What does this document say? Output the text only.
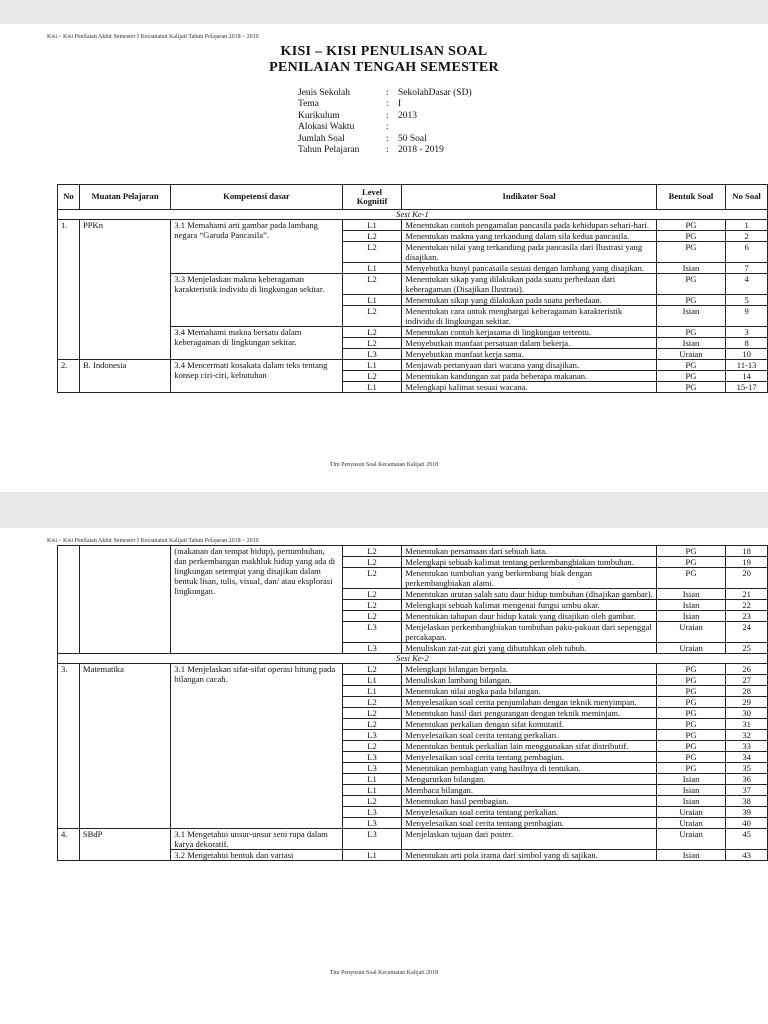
Kisi – Kisi Penilaian Akhir Semester I Kecamatan Kalijati Tahun Pelajaran 2018 – 2019
KISI – KISI PENULISAN SOAL
PENILAIAN TENGAH SEMESTER
Jenis Sekolah	: SekolahDasar (SD)
Tema	: I
Kurikulum	: 2013
Alokasi Waktu	:
Jumlah Soal	: 50 Soal
Tahun Pelajaran	: 2018 - 2019
No	Muatan Pelajaran	Kompetensi dasar	Level Kognitif	Indikator Soal	Bentuk Soal	No Soal
Sesi Ke-1						
1.	PPKn	3.1 Memahami arti gambar pada lambang negara “Garuda Pancasila”.	L1	Menentukan contoh pengamalan pancasila pada kehidupan sehari-hari.	PG	1
			L2	Menentukan makna yang terkandung dalam sila kedua pancasila.	PG	2
			L2	Menentukan nilai yang terkandung pada pancasila dari Ilustrasi yang disajikan.	PG	6
			L1	Menyebutka bunyi pancasaila sesuai dengan lambang yang disajikan.	Isian	7
		3.3 Menjelaskan makna keberagaman karakteristik individu di lingkungan sekitar.	L2	Menentukan sikap yang dilakukan pada suatu perbedaan dari keberagaman (Disajikan Ilustrasi).	PG	4
			L1	Menentukan sikap yang dilakukan pada suatu perbedaan.	PG	5
			L2	Menentukan cara untuk menghargai keberagaman karakteristik individu di lingkungan sekitar.	Isian	9
		3.4 Memahami makna bersatu dalam keberagaman di lingkungan sekitar.	L2	Menentukan contoh kerjasama di lingkungan tertentu.	PG	3
			L2	Menyebutkan manfaat persatuan dalam bekerja.	Isian	8
			L3	Menyebutkan manfaat kerja sama.	Uraian	10
2.	B. Indonesia	3.4 Mencermati kosakata dalam teks tentang konsep ciri-ciri, kebutuhan	L1	Menjawab pertanyaan dari wacana yang disajikan.	PG	11-13
			L2	Menentukan kandungan zat pada beberapa makanan.	PG	14
			L1	Melengkapi kalimat sesuai wacana.	PG	15-17
Tim Penyusun Soal Kecamatan Kalijati 2018
Kisi – Kisi Penilaian Akhir Semester I Kecamatan Kalijati Tahun Pelajaran 2018 – 2019
		(makanan dan tempat hidup), pertumbuhan, dan perkembangan makhluk hidup yang ada di lingkungan setempat yang disajikan dalam bentuk lisan, tulis, visual, dan/ atau eksplorasi lingkungan.	L2	Menentukan persamaan dari sebuah kata.	PG	18
			L2	Melengkapi sebuah kalimat tentang perkembangbiakan tumbuhan.	PG	19
			L2	Menentukan tumbuhan yang berkembang biak dengan perkembangbiakan alami.	PG	20
			L2	Menentukan urutan salah satu daur hidup tumbuhan (disajikan gambar).	Isian	21
			L2	Melengkapi sebuah kalimat mengenai fungsi umbu akar.	Isian	22
			L2	Menentukan tahapan daur hidup katak yang disajikan oleh gambar.	Isian	23
			L3	Menjelaskan perkembangbiakan tumbuhan paku-pakuan dari sepenggal percakapan.	Uraian	24
			L3	Menuliskan zat-zat gizi yang dibutuhkan oleh tubuh.	Uraian	25
Sesi Ke-2						
3.	Matematika	3.1 Menjelaskan sifat-sifat operasi hitung pada bilangan cacah.	L2	Melengkapi bilangan berpola.	PG	26
			L1	Menuliskan lambang bilangan.	PG	27
			L1	Menentukan nilai angka pada bilangan.	PG	28
			L2	Menyelesaikan soal cerita penjumlahan dengan teknik menyimpan.	PG	29
			L2	Menentukan hasil dari pengurangan dengan teknik meminjam.	PG	30
			L2	Menentukan perkalian dengan sifat komutatif.	PG	31
			L3	Menyelesaikan soal cerita tentang perkalian.	PG	32
			L2	Menentukan bentuk perkalian lain menggunakan sifat distributif.	PG	33
			L3	Menyelesaikan soal cerita tentang pembagian.	PG	34
			L3	Menentukan pembagian yang hasilnya di tentukan.	PG	35
			L1	Mengurutkan bilangan.	Isian	36
			L1	Membaca bilangan.	Isian	37
			L2	Menentukan hasil pembagian.	Isian	38
			L3	Menyelesaikan soal cerita tentang perkalian.	Uraian	39
			L3	Menyelesaikan soal cerita tentang pembagian.	Uraian	40
4.	SBdP	3.1 Mengetahui unsur-unsur seni rupa dalam karya dekoratif.	L3	Menjelaskan tujuan dari poster.	Uraian	45
		3.2 Mengetahui bentuk dan variasi	L1	Menentukan arti pola irama dari simbol yang di sajikan.	Isian	43
Tim Penyusun Soal Kecamatan Kalijati 2018
